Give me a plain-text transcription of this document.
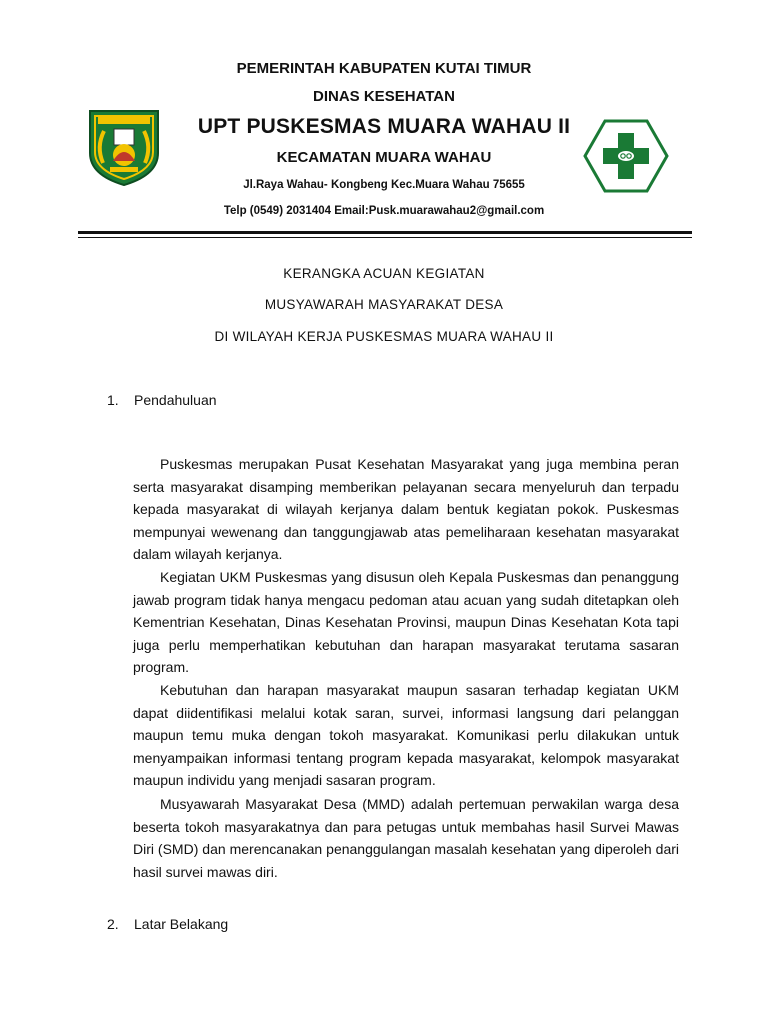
PEMERINTAH KABUPATEN KUTAI TIMUR
DINAS KESEHATAN
UPT PUSKESMAS MUARA WAHAU II
KECAMATAN MUARA WAHAU
Jl.Raya Wahau- Kongbeng Kec.Muara Wahau 75655
Telp (0549) 2031404 Email:Pusk.muarawahau2@gmail.com
KERANGKA ACUAN KEGIATAN
MUSYAWARAH MASYARAKAT DESA
DI WILAYAH KERJA PUSKESMAS MUARA WAHAU II
1. Pendahuluan
Puskesmas merupakan Pusat Kesehatan Masyarakat yang juga membina peran serta masyarakat disamping memberikan pelayanan secara menyeluruh dan terpadu kepada masyarakat di wilayah kerjanya dalam bentuk kegiatan pokok. Puskesmas mempunyai wewenang dan tanggungjawab atas pemeliharaan kesehatan masyarakat dalam wilayah kerjanya.
Kegiatan UKM Puskesmas yang disusun oleh Kepala Puskesmas dan penanggung jawab program tidak hanya mengacu pedoman atau acuan yang sudah ditetapkan oleh Kementrian Kesehatan, Dinas Kesehatan Provinsi, maupun Dinas Kesehatan Kota tapi juga perlu memperhatikan kebutuhan dan harapan masyarakat terutama sasaran program.
Kebutuhan dan harapan masyarakat maupun sasaran terhadap kegiatan UKM dapat diidentifikasi melalui kotak saran, survei, informasi langsung dari pelanggan maupun temu muka dengan tokoh masyarakat. Komunikasi perlu dilakukan untuk menyampaikan informasi tentang program kepada masyarakat, kelompok masyarakat maupun individu yang menjadi sasaran program.
Musyawarah Masyarakat Desa (MMD) adalah pertemuan perwakilan warga desa beserta tokoh masyarakatnya dan para petugas untuk membahas hasil Survei Mawas Diri (SMD) dan merencanakan penanggulangan masalah kesehatan yang diperoleh dari hasil survei mawas diri.
2. Latar Belakang
